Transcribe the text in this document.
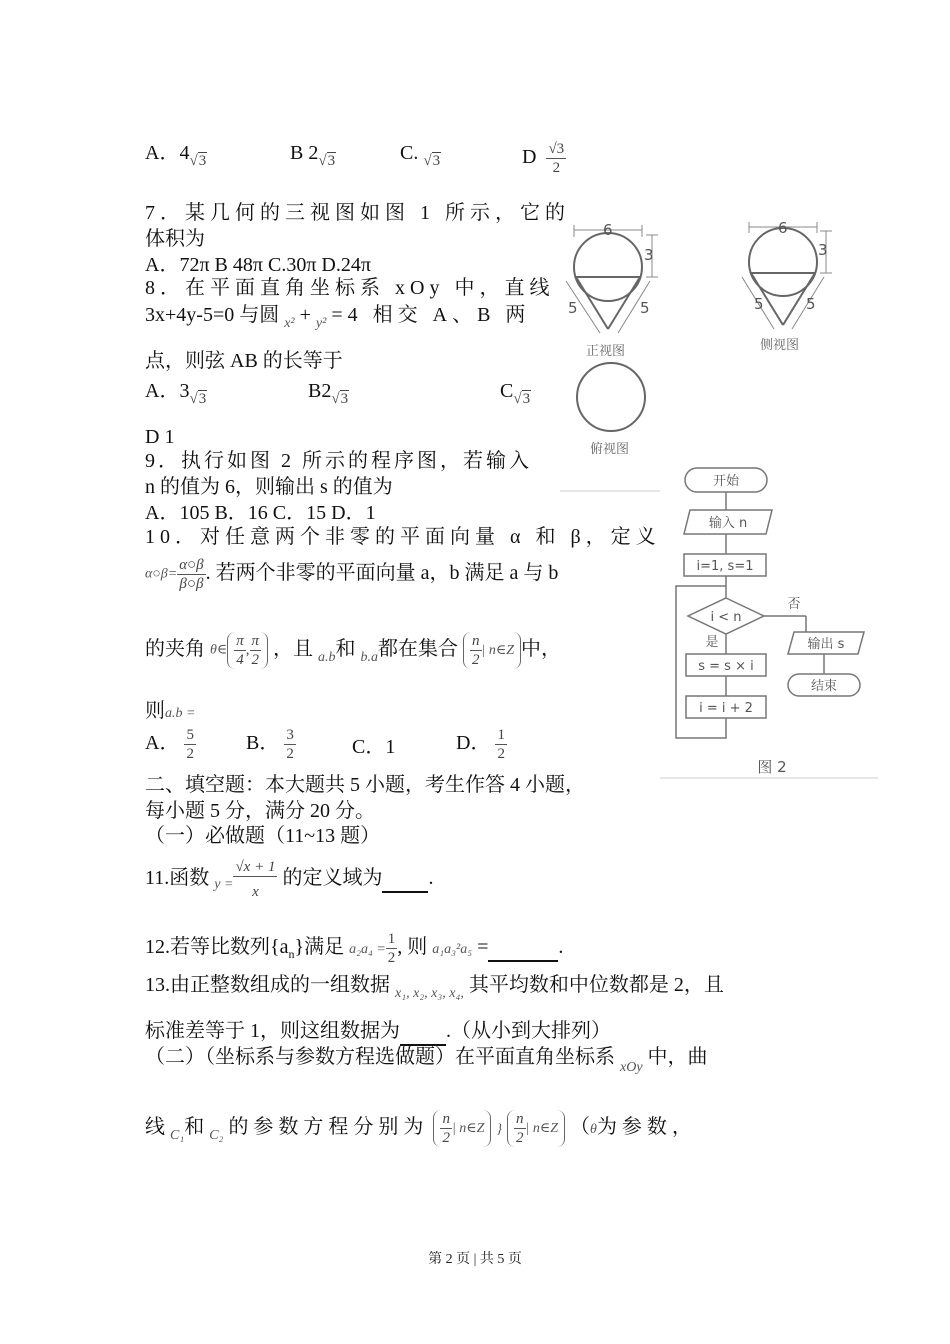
A．4√3	B 2√3	C. √3	D $\frac{√3}{2}$
7．某几何的三视图如图 1 所示，它的
体积为
A．72π B 48π C.30π D.24π
8．在平面直角坐标系 xOy 中，直线
3x+4y-5=0 与圆 $_{x^2}$ + $_{y^2}$ =4 相交 A、B 两
点，则弦 AB 的长等于
A．3√3	B2√3	C√3
D 1
9．执行如图 2 所示的程序图，若输入
n 的值为 6，则输出 s 的值为
A．105 B．16 C．15 D．1
10．对任意两个非零的平面向量 α 和 β，定义
α○β= $\frac{\alpha○\beta}{\beta○\beta}$ . 若两个非零的平面向量 a，b 满足 a 与 b
的夹角 θ∈ $\frac{\pi}{4}$ , $\frac{\pi}{2}$ ，且 $_{a.b}$和 $_{b.a}$都在集合 $\frac{n}{2}$ | n∈Z 中，
则a.b =
A． $\frac{5}{2}$	B． $\frac{3}{2}$	C．1	D． $\frac{1}{2}$
二、填空题：本大题共 5 小题，考生作答 4 小题，
每小题 5 分，满分 20 分。
（一）必做题（11~13 题）
11.函数 $_{y =} \frac{√x + 1}{x}$ 的定义域为 .
12.若等比数列$\{a_n\}$满足 $a_2a_4 = \frac{1}{2}$ , 则 a₁a₃²a₅ =	.
13.由正整数组成的一组数据 $_{x_1, x_2, x_3, x_4,}$ 其平均数和中位数都是 2，且
标准差等于 1，则这组数据为 .（从小到大排列）
（二）（坐标系与参数方程选做题）在平面直角坐标系 $_{xOy}$ 中，曲
线 $_{C_1}$和 $_{C_2}$ 的参数方程分别为 $\frac{n}{2}$ | n∈Z } $\frac{n}{2}$ | n∈Z （θ为参数，
6
3
5	5
6
3
5	5
正视图	侧视图
俯视图
开始
输入 n
i=1, s=1
i < n
否
是	输出 s
结束
s = s × i
i = i + 2
图 2
第 2 页 | 共 5 页
